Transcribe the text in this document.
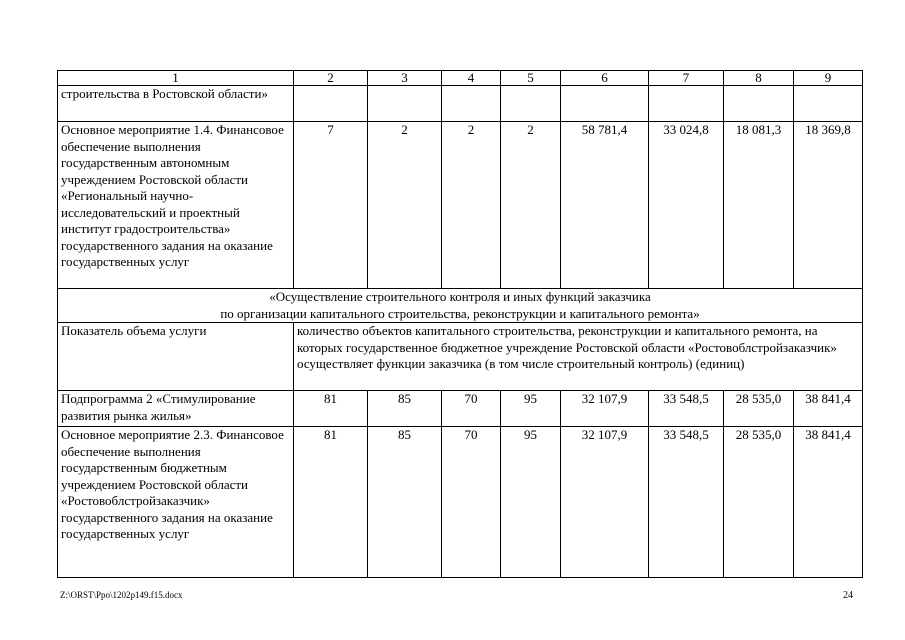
1	2	3	4	5	6	7	8	9
строительства в Ростовской области»								
Основное мероприятие 1.4. Финансовое обеспечение выполнения государственным автономным учреждением Ростовской области «Региональный научно-исследовательский и проектный институт градостроительства» государственного задания на оказание государственных услуг	7	2	2	2	58 781,4	33 024,8	18 081,3	18 369,8

«Осуществление строительного контроля и иных функций заказчика
по организации капитального строительства, реконструкции и капитального ремонта»								

Показатель объема услуги	количество объектов капитального строительства, реконструкции и капитального ремонта, на которых государственное бюджетное учреждение Ростовской области «Ростовоблстройзаказчик» осуществляет функции заказчика (в том числе строительный контроль) (единиц)							
Подпрограмма 2 «Стимулирование развития рынка жилья»	81	85	70	95	32 107,9	33 548,5	28 535,0	38 841,4
Основное мероприятие 2.3. Финансовое обеспечение выполнения государственным бюджетным учреждением Ростовской области «Ростовоблстройзаказчик» государственного задания на оказание государственных услуг	81	85	70	95	32 107,9	33 548,5	28 535,0	38 841,4
Z:\ORST\Ppo\1202p149.f15.docx	24
